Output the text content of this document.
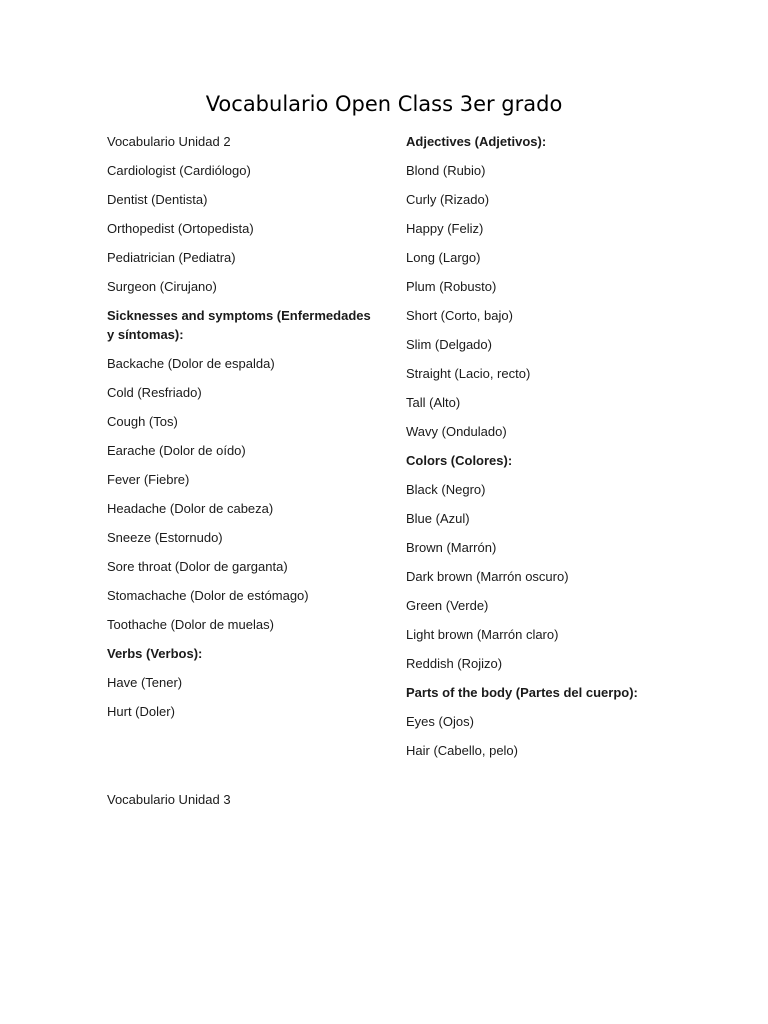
Vocabulario Open Class 3er grado
Vocabulario Unidad 2
Cardiologist (Cardiólogo)
Dentist (Dentista)
Orthopedist (Ortopedista)
Pediatrician (Pediatra)
Surgeon (Cirujano)
Sicknesses and symptoms (Enfermedades y síntomas):
Backache (Dolor de espalda)
Cold (Resfriado)
Cough (Tos)
Earache (Dolor de oído)
Fever (Fiebre)
Headache (Dolor de cabeza)
Sneeze (Estornudo)
Sore throat (Dolor de garganta)
Stomachache (Dolor de estómago)
Toothache (Dolor de muelas)
Verbs (Verbos):
Have (Tener)
Hurt (Doler)
Adjectives (Adjetivos):
Blond (Rubio)
Curly (Rizado)
Happy (Feliz)
Long (Largo)
Plum (Robusto)
Short (Corto, bajo)
Slim (Delgado)
Straight (Lacio, recto)
Tall (Alto)
Wavy (Ondulado)
Colors (Colores):
Black (Negro)
Blue (Azul)
Brown (Marrón)
Dark brown (Marrón oscuro)
Green (Verde)
Light brown (Marrón claro)
Reddish (Rojizo)
Parts of the body (Partes del cuerpo):
Eyes (Ojos)
Hair (Cabello, pelo)
Vocabulario Unidad 3
